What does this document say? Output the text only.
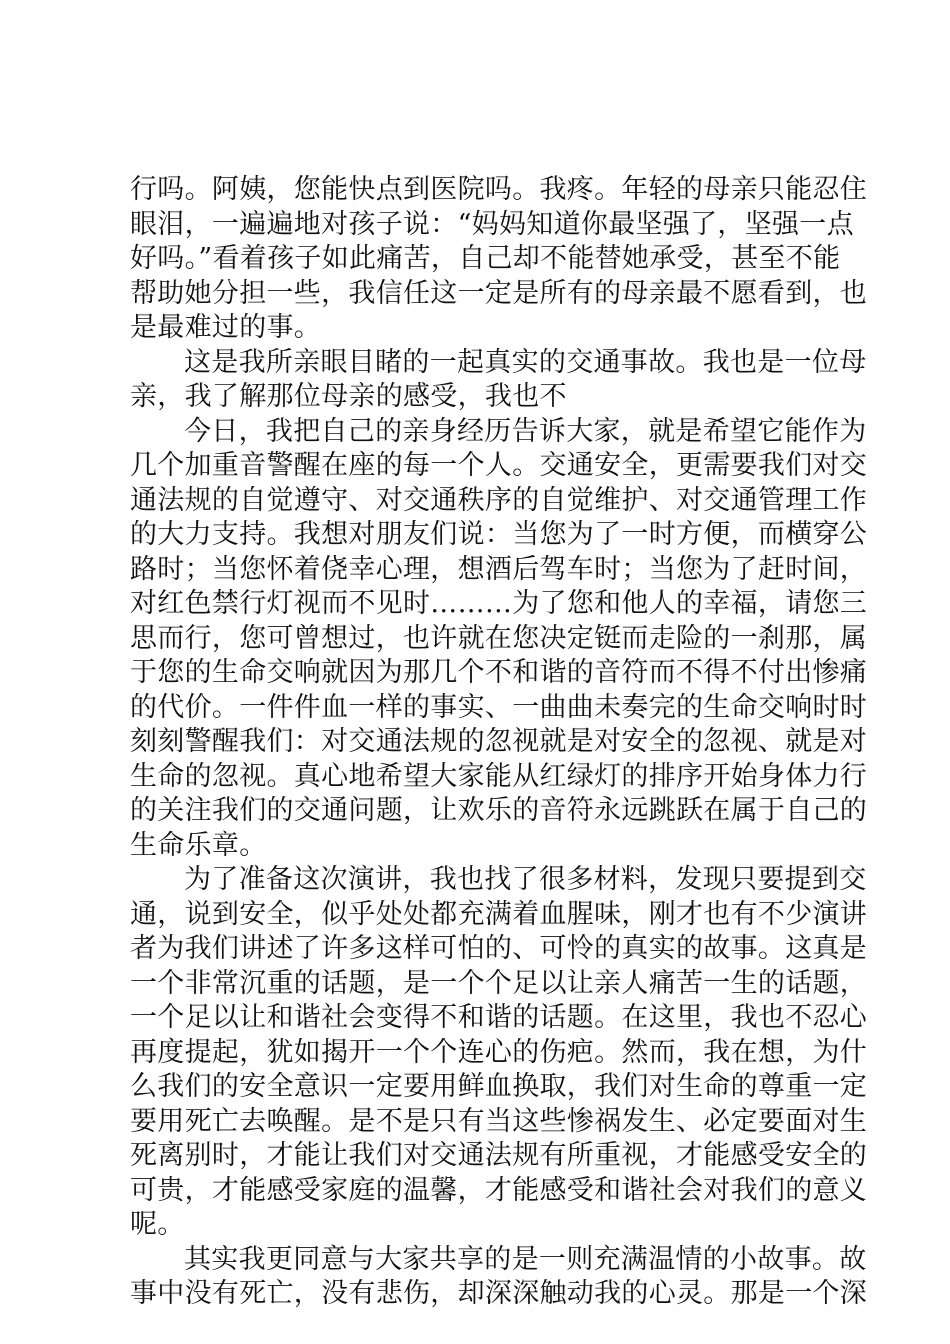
行吗。阿姨，您能快点到医院吗。我疼。年轻的母亲只能忍住
眼泪，一遍遍地对孩子说：“妈妈知道你最坚强了，坚强一点
好吗。”看着孩子如此痛苦，自己却不能替她承受，甚至不能
帮助她分担一些，我信任这一定是所有的母亲最不愿看到，也
是最难过的事。
这是我所亲眼目睹的一起真实的交通事故。我也是一位母
亲，我了解那位母亲的感受，我也不
今日，我把自己的亲身经历告诉大家，就是希望它能作为
几个加重音警醒在座的每一个人。交通安全，更需要我们对交
通法规的自觉遵守、对交通秩序的自觉维护、对交通管理工作
的大力支持。我想对朋友们说：当您为了一时方便，而横穿公
路时；当您怀着侥幸心理，想酒后驾车时；当您为了赶时间，
对红色禁行灯视而不见时………为了您和他人的幸福，请您三
思而行，您可曾想过，也许就在您决定铤而走险的一刹那，属
于您的生命交响就因为那几个不和谐的音符而不得不付出惨痛
的代价。一件件血一样的事实、一曲曲未奏完的生命交响时时
刻刻警醒我们：对交通法规的忽视就是对安全的忽视、就是对
生命的忽视。真心地希望大家能从红绿灯的排序开始身体力行
的关注我们的交通问题，让欢乐的音符永远跳跃在属于自己的
生命乐章。
为了准备这次演讲，我也找了很多材料，发现只要提到交
通，说到安全，似乎处处都充满着血腥味，刚才也有不少演讲
者为我们讲述了许多这样可怕的、可怜的真实的故事。这真是
一个非常沉重的话题，是一个个足以让亲人痛苦一生的话题，
一个足以让和谐社会变得不和谐的话题。在这里，我也不忍心
再度提起，犹如揭开一个个连心的伤疤。然而，我在想，为什
么我们的安全意识一定要用鲜血换取，我们对生命的尊重一定
要用死亡去唤醒。是不是只有当这些惨祸发生、必定要面对生
死离别时，才能让我们对交通法规有所重视，才能感受安全的
可贵，才能感受家庭的温馨，才能感受和谐社会对我们的意义
呢。
其实我更同意与大家共享的是一则充满温情的小故事。故
事中没有死亡，没有悲伤，却深深触动我的心灵。那是一个深
